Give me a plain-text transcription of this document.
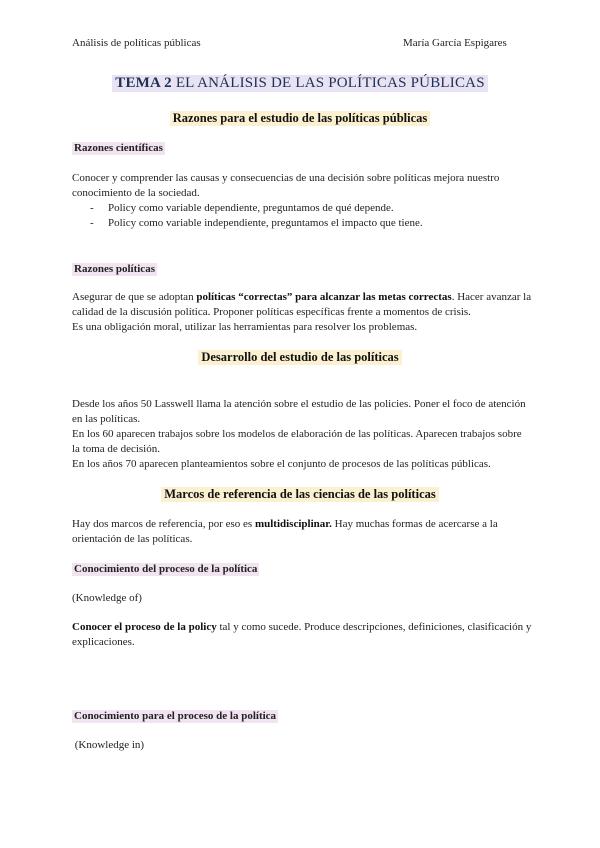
Análisis de políticas públicas	María García Espigares
TEMA 2 EL ANÁLISIS DE LAS POLÍTICAS PÚBLICAS
Razones para el estudio de las políticas públicas
Razones científicas
Conocer y comprender las causas y consecuencias de una decisión sobre políticas mejora nuestro conocimiento de la sociedad.
- Policy como variable dependiente, preguntamos de qué depende.
- Policy como variable independiente, preguntamos el impacto que tiene.
Razones políticas
Asegurar de que se adoptan políticas “correctas” para alcanzar las metas correctas. Hacer avanzar la calidad de la discusión política. Proponer políticas específicas frente a momentos de crisis.
Es una obligación moral, utilizar las herramientas para resolver los problemas.
Desarrollo del estudio de las políticas
Desde los años 50 Lasswell llama la atención sobre el estudio de las policies. Poner el foco de atención en las políticas.
En los 60 aparecen trabajos sobre los modelos de elaboración de las políticas. Aparecen trabajos sobre la toma de decisión.
En los años 70 aparecen planteamientos sobre el conjunto de procesos de las políticas públicas.
Marcos de referencia de las ciencias de las políticas
Hay dos marcos de referencia, por eso es multidisciplinar. Hay muchas formas de acercarse a la orientación de las políticas.
Conocimiento del proceso de la política
(Knowledge of)
Conocer el proceso de la policy tal y como sucede. Produce descripciones, definiciones, clasificación y explicaciones.
Conocimiento para el proceso de la política
(Knowledge in)
